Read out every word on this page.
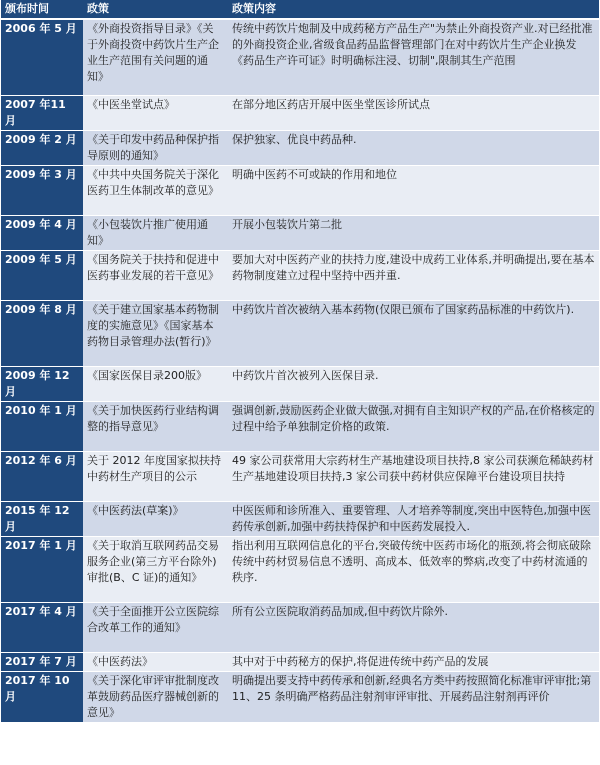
颁布时间	政策	政策内容
2006 年 5 月	《外商投资指导目录》《关于外商投资中药饮片生产企业生产范围有关问题的通知》	传统中药饮片炮制及中成药秘方产品生产"为禁止外商投资产业.对已经批准的外商投资企业,省级食品药品监督管理部门在对中药饮片生产企业换发《药品生产许可证》时明确标注浸、切制",限制其生产范围
2007 年11 月	《中医坐堂试点》	在部分地区药店开展中医坐堂医诊所试点
2009 年 2 月	《关于印发中药品种保护指导原则的通知》	保护独家、优良中药品种.
2009 年 3 月	《中共中央国务院关于深化医药卫生体制改革的意见》	明确中医药不可或缺的作用和地位
2009 年 4 月	《小包装饮片推广使用通知》	开展小包装饮片第二批
2009 年 5 月	《国务院关于扶持和促进中医药事业发展的若干意见》	要加大对中医药产业的扶持力度,建设中成药工业体系,并明确提出,要在基本药物制度建立过程中坚持中西并重.
2009 年 8 月	《关于建立国家基本药物制度的实施意见》《国家基本药物目录管理办法(暂行)》	中药饮片首次被纳入基本药物(仅限已颁布了国家药品标准的中药饮片).
2009 年 12 月	《国家医保目录200版》	中药饮片首次被列入医保目录.
2010 年 1 月	《关于加快医药行业结构调整的指导意见》	强调创新,鼓励医药企业做大做强,对拥有自主知识产权的产品,在价格核定的过程中给予单独制定价格的政策.
2012 年 6 月	关于 2012 年度国家拟扶持中药材生产项目的公示	49 家公司获常用大宗药材生产基地建设项目扶持,8 家公司获濒危稀缺药材生产基地建设项目扶持,3 家公司获中药材供应保障平台建设项目扶持
2015 年 12 月	《中医药法(草案)》	中医医师和诊所准入、重要管理、人才培养等制度,突出中医特色,加强中医药传承创新,加强中药扶持保护和中医药发展投入.
2017 年 1 月	《关于取消互联网药品交易服务企业(第三方平台除外)审批(B、C 证)的通知》	指出利用互联网信息化的平台,突破传统中医药市场化的瓶颈,将会彻底破除传统中药材贸易信息不透明、高成本、低效率的弊病,改变了中药材流通的秩序.
2017 年 4 月	《关于全面推开公立医院综合改革工作的通知》	所有公立医院取消药品加成,但中药饮片除外.
2017 年 7 月	《中医药法》	其中对于中药秘方的保护,将促进传统中药产品的发展
2017 年 10 月	《关于深化审评审批制度改革鼓励药品医疗器械创新的意见》	明确提出要支持中药传承和创新,经典名方类中药按照简化标准审评审批;第 11、25 条明确严格药品注射剂审评审批、开展药品注射剂再评价
